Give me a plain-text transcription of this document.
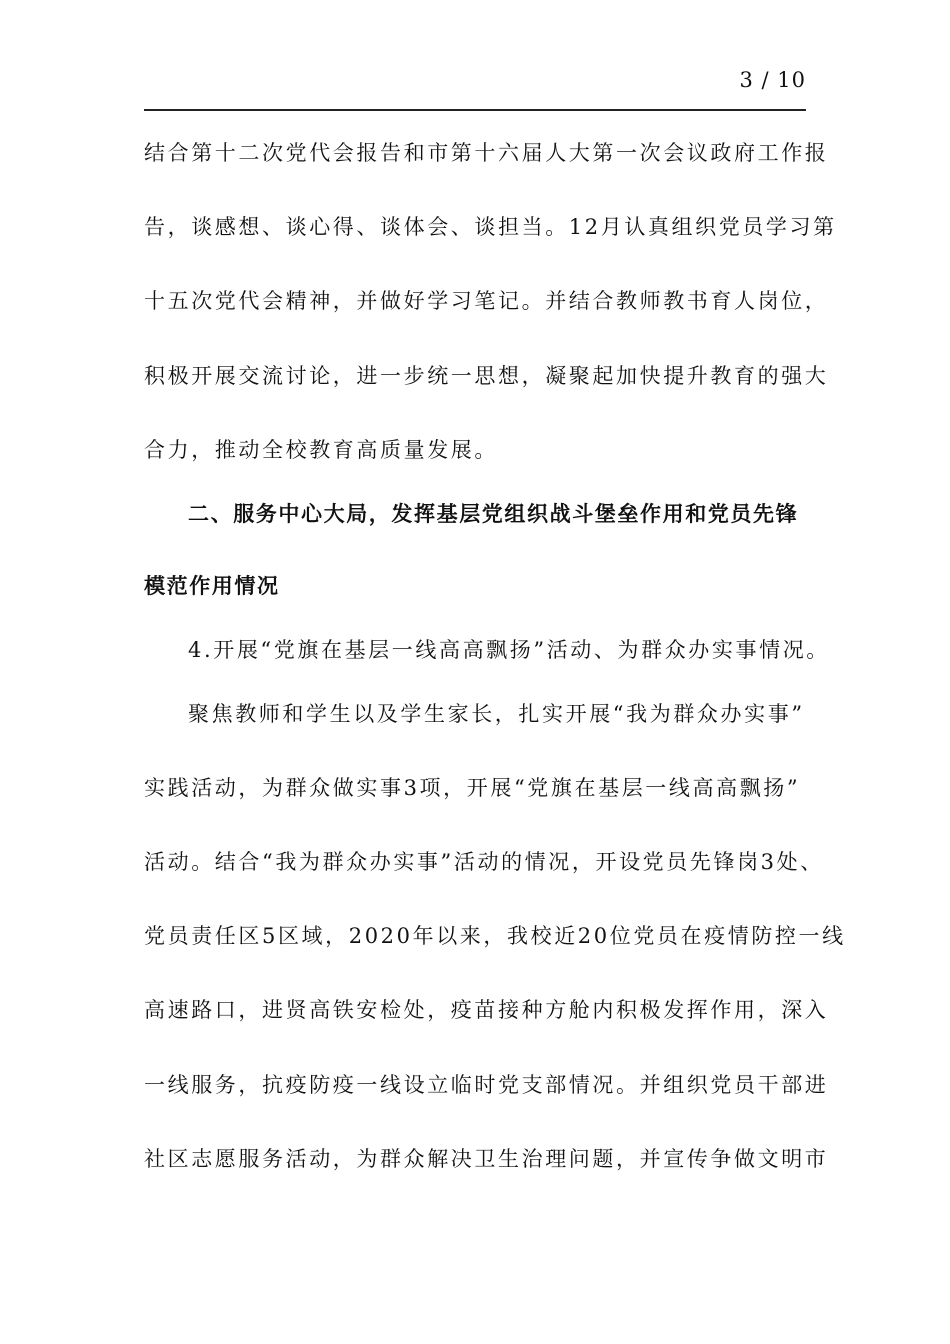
3 / 10
结合第十二次党代会报告和市第十六届人大第一次会议政府工作报
告，谈感想、谈心得、谈体会、谈担当。12月认真组织党员学习第
十五次党代会精神，并做好学习笔记。并结合教师教书育人岗位，
积极开展交流讨论，进一步统一思想，凝聚起加快提升教育的强大
合力，推动全校教育高质量发展。
二、服务中心大局，发挥基层党组织战斗堡垒作用和党员先锋
模范作用情况
4.开展“党旗在基层一线高高飘扬”活动、为群众办实事情况。
聚焦教师和学生以及学生家长，扎实开展“我为群众办实事”
实践活动，为群众做实事3项，开展“党旗在基层一线高高飘扬”
活动。结合“我为群众办实事”活动的情况，开设党员先锋岗3处、
党员责任区5区域，2020年以来，我校近20位党员在疫情防控一线
高速路口，进贤高铁安检处，疫苗接种方舱内积极发挥作用，深入
一线服务，抗疫防疫一线设立临时党支部情况。并组织党员干部进
社区志愿服务活动，为群众解决卫生治理问题，并宣传争做文明市
